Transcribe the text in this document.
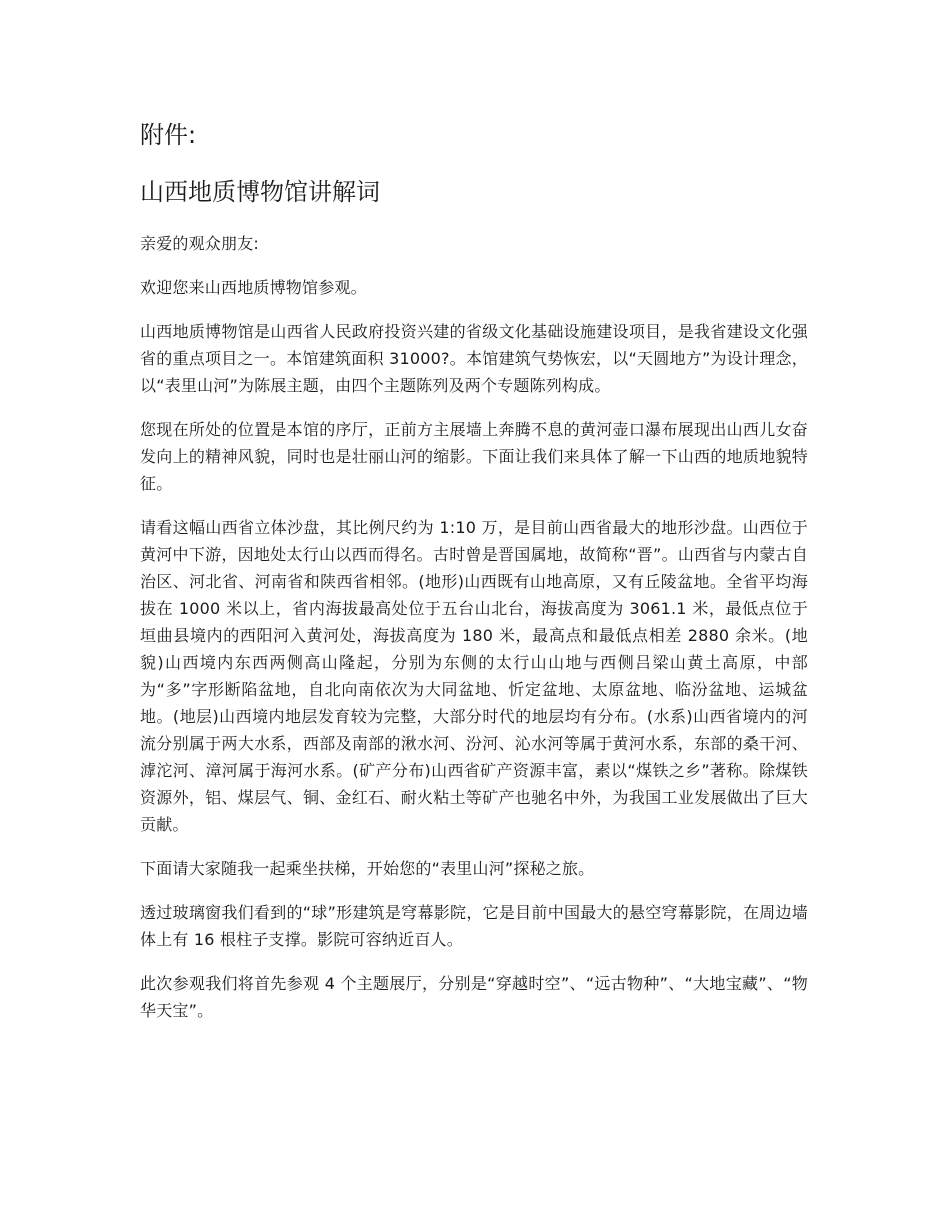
附件:
山西地质博物馆讲解词

亲爱的观众朋友:

欢迎您来山西地质博物馆参观。

山西地质博物馆是山西省人民政府投资兴建的省级文化基础设施建设项目，是我省建设文化强省的重点项目之一。本馆建筑面积 31000?。本馆建筑气势恢宏，以“天圆地方”为设计理念，以“表里山河”为陈展主题，由四个主题陈列及两个专题陈列构成。

您现在所处的位置是本馆的序厅，正前方主展墙上奔腾不息的黄河壶口瀑布展现出山西儿女奋发向上的精神风貌，同时也是壮丽山河的缩影。下面让我们来具体了解一下山西的地质地貌特征。

请看这幅山西省立体沙盘，其比例尺约为 1:10 万，是目前山西省最大的地形沙盘。山西位于黄河中下游，因地处太行山以西而得名。古时曾是晋国属地，故简称“晋”。山西省与内蒙古自治区、河北省、河南省和陕西省相邻。(地形)山西既有山地高原，又有丘陵盆地。全省平均海拔在 1000 米以上，省内海拔最高处位于五台山北台，海拔高度为 3061.1 米，最低点位于垣曲县境内的西阳河入黄河处，海拔高度为 180 米，最高点和最低点相差 2880 余米。(地貌)山西境内东西两侧高山隆起，分别为东侧的太行山山地与西侧吕梁山黄土高原，中部为“多”字形断陷盆地，自北向南依次为大同盆地、忻定盆地、太原盆地、临汾盆地、运城盆地。(地层)山西境内地层发育较为完整，大部分时代的地层均有分布。(水系)山西省境内的河流分别属于两大水系，西部及南部的湫水河、汾河、沁水河等属于黄河水系，东部的桑干河、滹沱河、漳河属于海河水系。(矿产分布)山西省矿产资源丰富，素以“煤铁之乡”著称。除煤铁资源外，铝、煤层气、铜、金红石、耐火粘土等矿产也驰名中外，为我国工业发展做出了巨大贡献。

下面请大家随我一起乘坐扶梯，开始您的“表里山河”探秘之旅。

透过玻璃窗我们看到的“球”形建筑是穹幕影院，它是目前中国最大的悬空穹幕影院，在周边墙体上有 16 根柱子支撑。影院可容纳近百人。

此次参观我们将首先参观 4 个主题展厅，分别是“穿越时空”、“远古物种”、“大地宝藏”、“物华天宝”。
